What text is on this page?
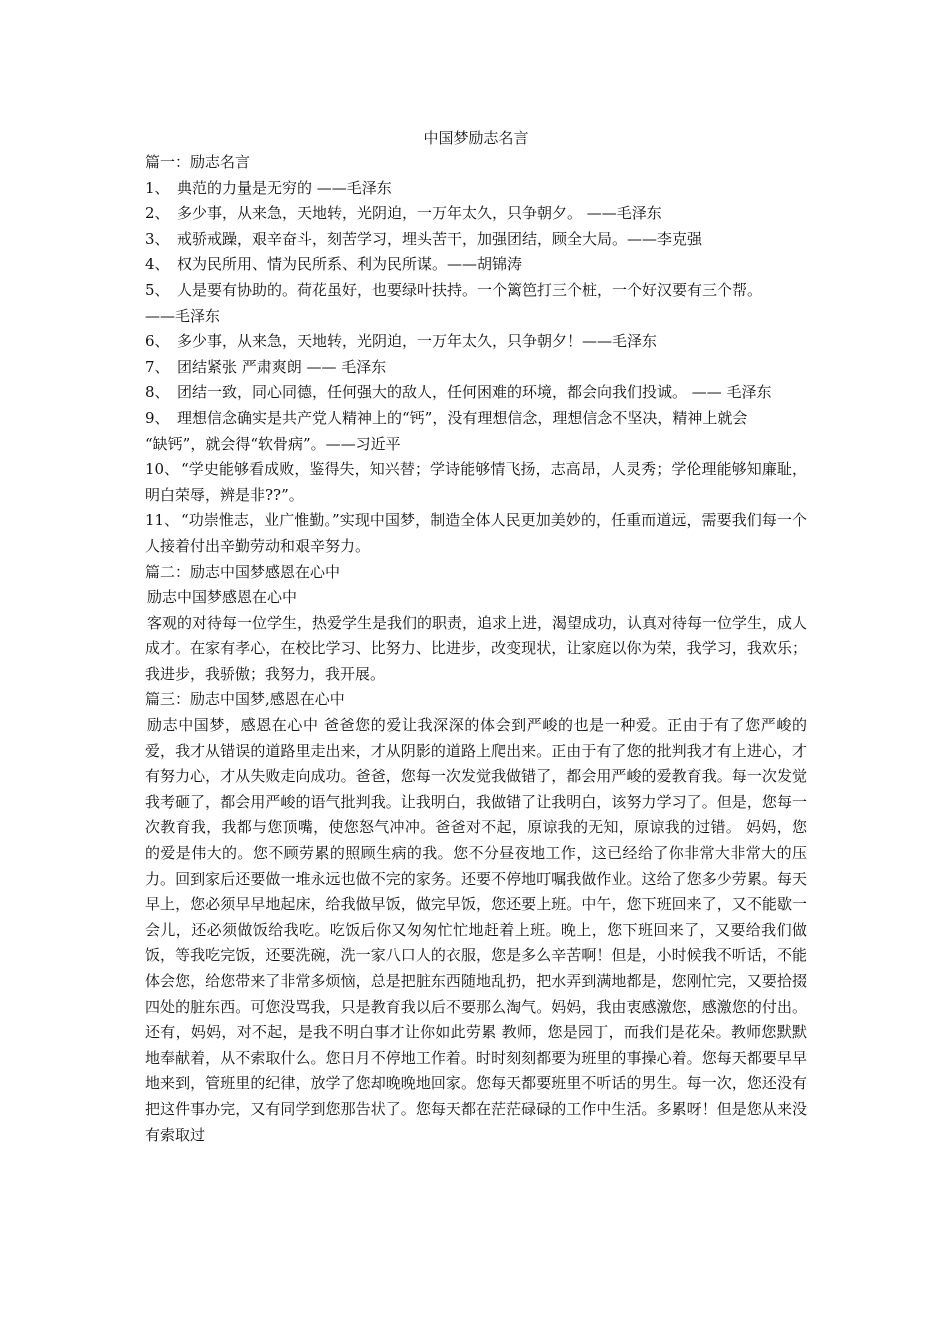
中国梦励志名言

篇一：励志名言

1、 典范的力量是无穷的 ——毛泽东

2、 多少事，从来急，天地转，光阴迫，一万年太久，只争朝夕。 ——毛泽东

3、 戒骄戒躁，艰辛奋斗，刻苦学习，埋头苦干，加强团结，顾全大局。——李克强

4、 权为民所用、情为民所系、利为民所谋。——胡锦涛

5、 人是要有协助的。荷花虽好，也要绿叶扶持。一个篱笆打三个桩，一个好汉要有三个帮。

——毛泽东

6、 多少事，从来急，天地转，光阴迫，一万年太久，只争朝夕！——毛泽东

7、 团结紧张 严肃爽朗 —— 毛泽东

8、 团结一致，同心同德，任何强大的敌人，任何困难的环境，都会向我们投诚。 —— 毛泽东

9、 理想信念确实是共产党人精神上的“钙”，没有理想信念，理想信念不坚决，精神上就会

“缺钙”，就会得“软骨病”。——习近平

10、 “学史能够看成败，鉴得失，知兴替；学诗能够情飞扬，志高昂，人灵秀；学伦理能够知廉耻，明白荣辱，辨是非??”。

11、 “功崇惟志，业广惟勤。”实现中国梦，制造全体人民更加美妙的，任重而道远，需要我们每一个人接着付出辛勤劳动和艰辛努力。

篇二：励志中国梦感恩在心中

励志中国梦感恩在心中

客观的对待每一位学生，热爱学生是我们的职责，追求上进，渴望成功，认真对待每一位学生，成人成才。在家有孝心，在校比学习、比努力、比进步，改变现状，让家庭以你为荣，我学习，我欢乐；我进步，我骄傲；我努力，我开展。

篇三：励志中国梦,感恩在心中

励志中国梦，感恩在心中 爸爸您的爱让我深深的体会到严峻的也是一种爱。正由于有了您严峻的爱，我才从错误的道路里走出来，才从阴影的道路上爬出来。正由于有了您的批判我才有上进心，才有努力心，才从失败走向成功。爸爸，您每一次发觉我做错了，都会用严峻的爱教育我。每一次发觉我考砸了，都会用严峻的语气批判我。让我明白，我做错了让我明白，该努力学习了。但是，您每一次教育我，我都与您顶嘴，使您怒气冲冲。爸爸对不起，原谅我的无知，原谅我的过错。 妈妈，您的爱是伟大的。您不顾劳累的照顾生病的我。您不分昼夜地工作，这已经给了你非常大非常大的压力。回到家后还要做一堆永远也做不完的家务。还要不停地叮嘱我做作业。这给了您多少劳累。每天早上，您必须早早地起床，给我做早饭，做完早饭，您还要上班。中午，您下班回来了，又不能歇一会儿，还必须做饭给我吃。吃饭后你又匆匆忙忙地赶着上班。晚上，您下班回来了，又要给我们做饭，等我吃完饭，还要洗碗，洗一家八口人的衣服，您是多么辛苦啊！但是，小时候我不听话，不能体会您，给您带来了非常多烦恼，总是把脏东西随地乱扔，把水弄到满地都是，您刚忙完，又要拾掇四处的脏东西。可您没骂我，只是教育我以后不要那么淘气。妈妈，我由衷感激您，感激您的付出。还有，妈妈，对不起，是我不明白事才让你如此劳累 教师，您是园丁，而我们是花朵。教师您默默地奉献着，从不索取什么。您日月不停地工作着。时时刻刻都要为班里的事操心着。您每天都要早早地来到，管班里的纪律，放学了您却晚晚地回家。您每天都要班里不听话的男生。每一次，您还没有把这件事办完，又有同学到您那告状了。您每天都在茫茫碌碌的工作中生活。多累呀！但是您从来没有索取过
